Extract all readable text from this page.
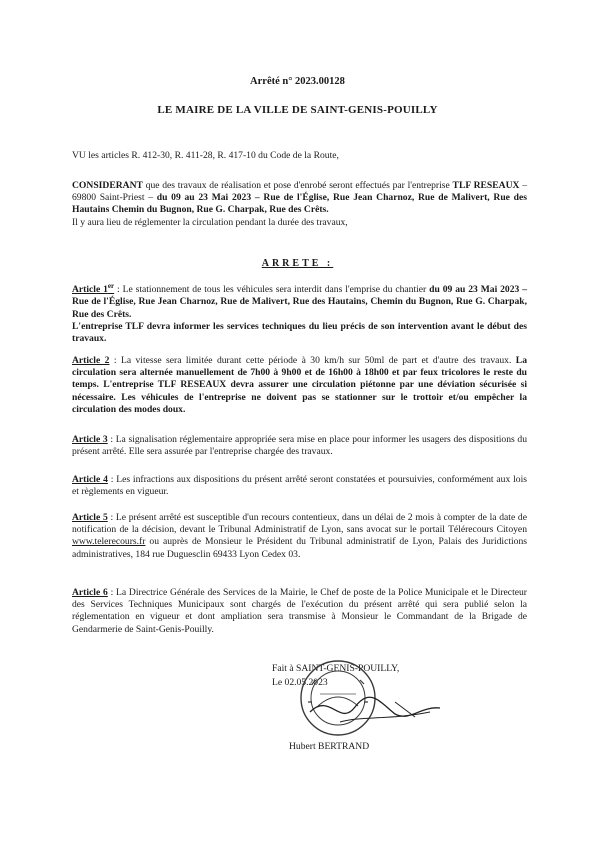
Arrêté n° 2023.00128
LE MAIRE DE LA VILLE DE SAINT-GENIS-POUILLY
VU les articles R. 412-30, R. 411-28, R. 417-10 du Code de la Route,
CONSIDERANT que des travaux de réalisation et pose d'enrobé seront effectués par l'entreprise TLF RESEAUX – 69800 Saint-Priest – du 09 au 23 Mai 2023 – Rue de l'Église, Rue Jean Charnoz, Rue de Malivert, Rue des Hautains Chemin du Bugnon, Rue G. Charpak, Rue des Crêts.
Il y aura lieu de réglementer la circulation pendant la durée des travaux,
ARRETE :
Article 1er : Le stationnement de tous les véhicules sera interdit dans l'emprise du chantier du 09 au 23 Mai 2023 – Rue de l'Église, Rue Jean Charnoz, Rue de Malivert, Rue des Hautains, Chemin du Bugnon, Rue G. Charpak, Rue des Crêts.
L'entreprise TLF devra informer les services techniques du lieu précis de son intervention avant le début des travaux.
Article 2 : La vitesse sera limitée durant cette période à 30 km/h sur 50ml de part et d'autre des travaux. La circulation sera alternée manuellement de 7h00 à 9h00 et de 16h00 à 18h00 et par feux tricolores le reste du temps. L'entreprise TLF RESEAUX devra assurer une circulation piétonne par une déviation sécurisée si nécessaire. Les véhicules de l'entreprise ne doivent pas se stationner sur le trottoir et/ou empêcher la circulation des modes doux.
Article 3 : La signalisation réglementaire appropriée sera mise en place pour informer les usagers des dispositions du présent arrêté. Elle sera assurée par l'entreprise chargée des travaux.
Article 4 : Les infractions aux dispositions du présent arrêté seront constatées et poursuivies, conformément aux lois et règlements en vigueur.
Article 5 : Le présent arrêté est susceptible d'un recours contentieux, dans un délai de 2 mois à compter de la date de notification de la décision, devant le Tribunal Administratif de Lyon, sans avocat sur le portail Télérecours Citoyen www.telerecours.fr ou auprès de Monsieur le Président du Tribunal administratif de Lyon, Palais des Juridictions administratives, 184 rue Duguesclin 69433 Lyon Cedex 03.
Article 6 : La Directrice Générale des Services de la Mairie, le Chef de poste de la Police Municipale et le Directeur des Services Techniques Municipaux sont chargés de l'exécution du présent arrêté qui sera publié selon la réglementation en vigueur et dont ampliation sera transmise à Monsieur le Commandant de la Brigade de Gendarmerie de Saint-Genis-Pouilly.
Fait à SAINT-GENIS-POUILLY,
Le 02.05.2023
Hubert BERTRAND
